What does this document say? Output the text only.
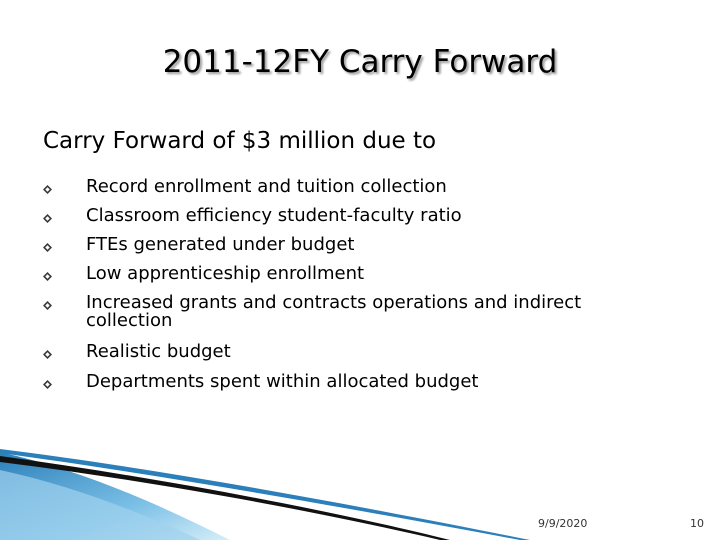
2011-12FY Carry Forward
Carry Forward of $3 million due to
Record enrollment and tuition collection
Classroom efficiency student-faculty ratio
FTEs generated under budget
Low apprenticeship enrollment
Increased grants and contracts operations and indirect collection
Realistic budget
Departments spent within allocated budget
9/9/2020	10
